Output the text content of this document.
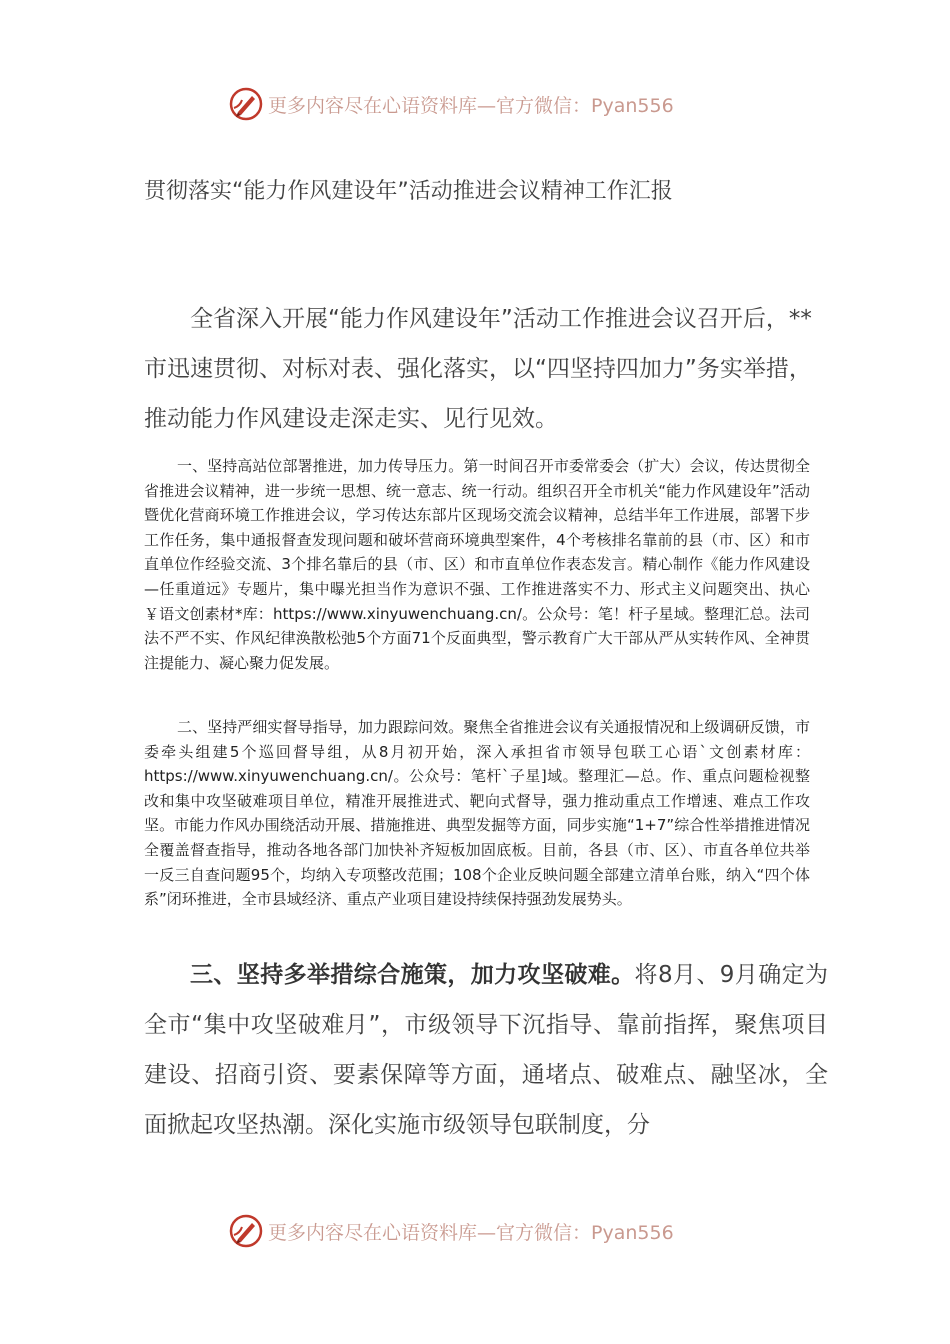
更多内容尽在心语资料库—官方微信：Pyan556
贯彻落实“能力作风建设年”活动推进会议精神工作汇报

全省深入开展“能力作风建设年”活动工作推进会议召开后，**市迅速贯彻、对标对表、强化落实，以“四坚持四加力”务实举措，推动能力作风建设走深走实、见行见效。

一、坚持高站位部署推进，加力传导压力。第一时间召开市委常委会（扩大）会议，传达贯彻全省推进会议精神，进一步统一思想、统一意志、统一行动。组织召开全市机关“能力作风建设年”活动暨优化营商环境工作推进会议，学习传达东部片区现场交流会议精神，总结半年工作进展，部署下步工作任务，集中通报督查发现问题和破坏营商环境典型案件，4个考核排名靠前的县（市、区）和市直单位作经验交流、3个排名靠后的县（市、区）和市直单位作表态发言。精心制作《能力作风建设—任重道远》专题片，集中曝光担当作为意识不强、工作推进落实不力、形式主义问题突出、执心￥语文创素材*库：https://www.xinyuwenchuang.cn/。公众号：笔！杆子星域。整理汇总。法司法不严不实、作风纪律涣散松弛5个方面71个反面典型，警示教育广大干部从严从实转作风、全神贯注提能力、凝心聚力促发展。

二、坚持严细实督导指导，加力跟踪问效。聚焦全省推进会议有关通报情况和上级调研反馈，市委牵头组建5个巡回督导组，从8月初开始，深入承担省市领导包联工心语`文创素材库：https://www.xinyuwenchuang.cn/。公众号：笔杆`子星]域。整理汇—总。作、重点问题检视整改和集中攻坚破难项目单位，精准开展推进式、靶向式督导，强力推动重点工作增速、难点工作攻坚。市能力作风办围绕活动开展、措施推进、典型发掘等方面，同步实施“1+7”综合性举措推进情况全覆盖督查指导，推动各地各部门加快补齐短板加固底板。目前，各县（市、区）、市直各单位共举一反三自查问题95个，均纳入专项整改范围；108个企业反映问题全部建立清单台账，纳入“四个体系”闭环推进，全市县域经济、重点产业项目建设持续保持强劲发展势头。

三、坚持多举措综合施策，加力攻坚破难。将8月、9月确定为全市“集中攻坚破难月”，市级领导下沉指导、靠前指挥，聚焦项目建设、招商引资、要素保障等方面，通堵点、破难点、融坚冰，全面掀起攻坚热潮。深化实施市级领导包联制度，分

更多内容尽在心语资料库—官方微信：Pyan556
